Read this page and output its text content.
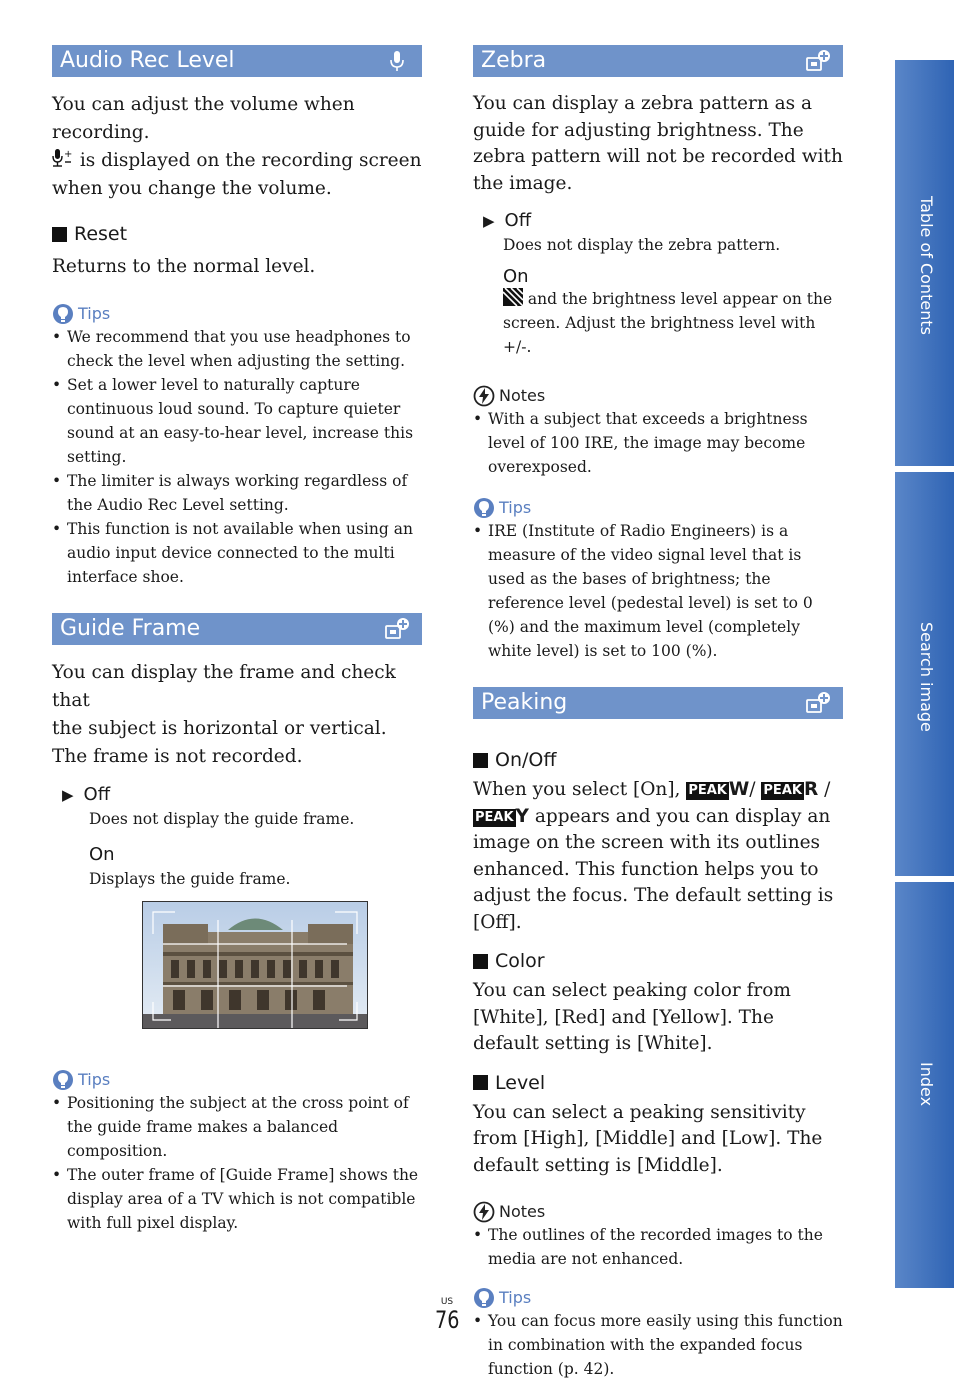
Audio Rec Level

You can adjust the volume when recording.

+ is displayed on the recording screen when you change the volume.

Reset

Returns to the normal level.

Tips
• We recommend that you use headphones to check the level when adjusting the setting.
• Set a lower level to naturally capture continuous loud sound. To capture quieter sound at an easy-to-hear level, increase this setting.
• The limiter is always working regardless of the Audio Rec Level setting.
• This function is not available when using an audio input device connected to the multi interface shoe.
Guide Frame

You can display the frame and check that
the subject is horizontal or vertical.
The frame is not recorded.

▶ Off
Does not display the guide frame.
On
Displays the guide frame.
Tips
• Positioning the subject at the cross point of the guide frame makes a balanced composition.
• The outer frame of [Guide Frame] shows the display area of a TV which is not compatible with full pixel display.
Zebra

You can display a zebra pattern as a guide for adjusting brightness. The zebra pattern will not be recorded with the image.

▶ Off
Does not display the zebra pattern.
On
and the brightness level appear on the screen. Adjust the brightness level with +/-.
Notes
• With a subject that exceeds a brightness level of 100 IRE, the image may become overexposed.
Tips
• IRE (Institute of Radio Engineers) is a measure of the video signal level that is used as the bases of brightness; the reference level (pedestal level) is set to 0 (%) and the maximum level (completely white level) is set to 100 (%).
Peaking
On/Off

When you select [On], PEAK W/ PEAK R /
PEAK Y appears and you can display an image on the screen with its outlines enhanced. This function helps you to adjust the focus. The default setting is [Off].

Color

You can select peaking color from [White], [Red] and [Yellow]. The default setting is [White].

Level

You can select a peaking sensitivity from [High], [Middle] and [Low]. The default setting is [Middle].

Notes
• The outlines of the recorded images to the media are not enhanced.
Tips
• You can focus more easily using this function in combination with the expanded focus function (p. 42).
Table of Contents
Search image
Index
US
76
